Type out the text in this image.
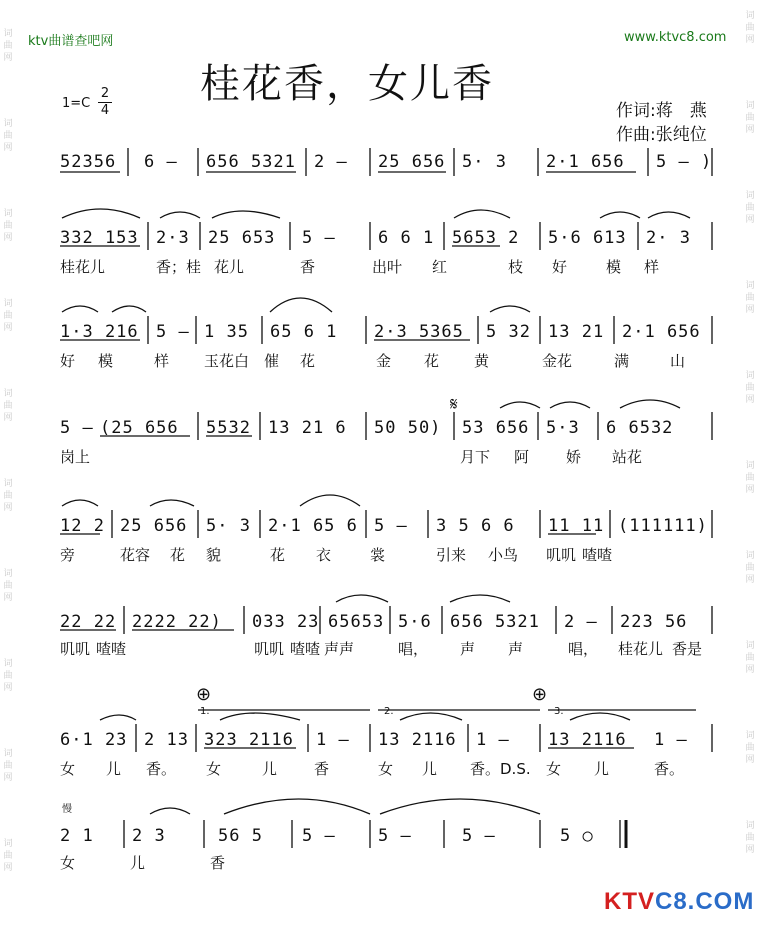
词
曲
网
词
曲
网
词
曲
网
词
曲
网
词
曲
网
词
曲
网
词
曲
网
词
曲
网
词
曲
网
词
曲
网
词
曲
网
词
曲
网
词
曲
网
词
曲
网
词
曲
网
词
曲
网
词
曲
网
词
曲
网
词
曲
网
词
曲
网
ktv曲谱查吧网	www.ktvc8.com
桂花香，女儿香
1=C
2
4	作词:蒋　燕
作曲:张纯位
52356 6 – 656 5321 2 – 25 656 5· 3 2·1 656 5 – )
332 153 2·3 25 653 5 – 6 6 1 5653 2 5·6 613 2· 3
桂花儿	香；桂 花儿	香	出叶 红	枝 好	模 样
1·3 216 5 – 1 35 65 6 1 2·3 5365 5 32 13 21 2·1 656
好 模	样 玉花白 催 花	金 花 黄	金花	满	山
𝄋
5 – (25 656 5532 13 21 6 50 50) 53 656 5·3 6 6532
岗上	月下 阿 娇 站花
12 2 25 656 5· 3 2·1 65 6 5 – 3 5 6 6 11 11 (111111)
旁	花容 花 貌	花 衣	裳	引来 小鸟 叽叽 喳喳
22 22 2222 22) 033 23 65653 5·6 656 5321 2 – 223 56
叽叽 喳喳	叽叽 喳喳 声声	唱， 声 声	唱， 桂花儿 香是
⊕	⊕
1.	2.	3.
6·1 23 2 13 323 2116 1 – 13 2116 1 – 13 2116 1 –
女 儿 香。 女	儿 香	女 儿 香。D.S. 女 儿	香。
慢
2 1 2 3	56 5 5 – 5 –	5 –	5 ○
女	儿	香
KTVC8.COM
